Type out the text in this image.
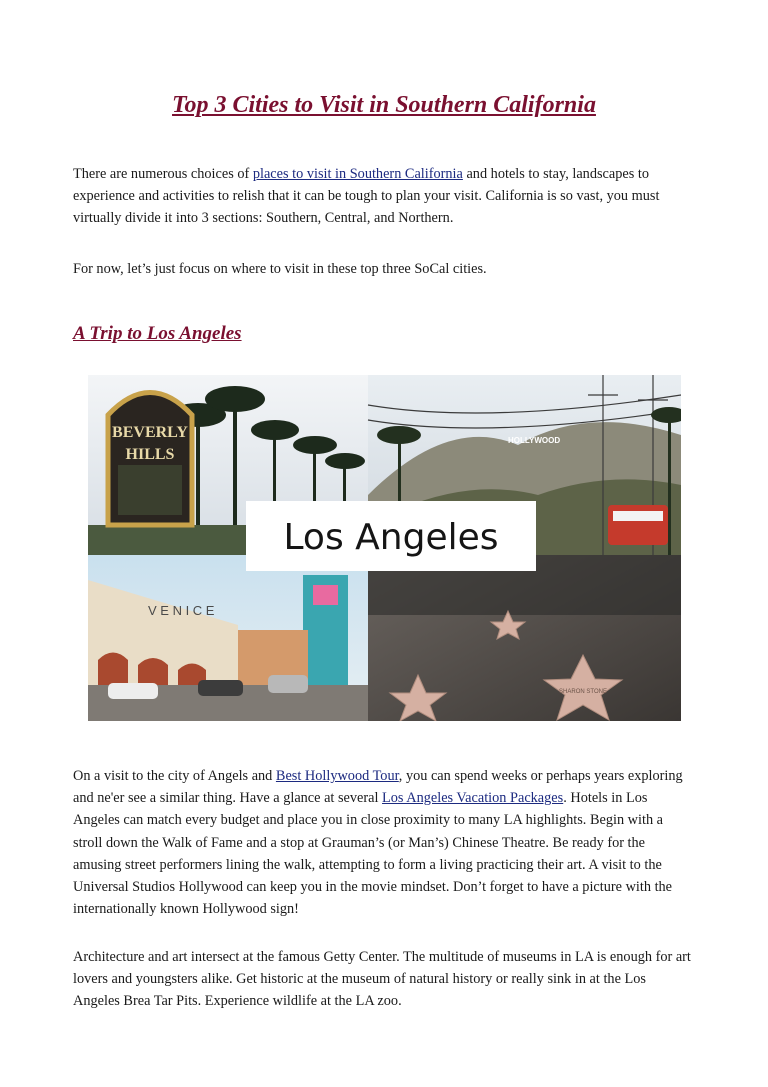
Top 3 Cities to Visit in Southern California

There are numerous choices of places to visit in Southern California and hotels to stay, landscapes to experience and activities to relish that it can be tough to plan your visit. California is so vast, you must virtually divide it into 3 sections: Southern, Central, and Northern.

For now, let’s just focus on where to visit in these top three SoCal cities.

A Trip to Los Angeles
BEVERLY
HILLS
HOLLYWOOD
V E N I C E
SHARON STONE
Los Angeles

On a visit to the city of Angels and Best Hollywood Tour, you can spend weeks or perhaps years exploring and ne'er see a similar thing. Have a glance at several Los Angeles Vacation Packages. Hotels in Los Angeles can match every budget and place you in close proximity to many LA highlights. Begin with a stroll down the Walk of Fame and a stop at Grauman’s (or Man’s) Chinese Theatre. Be ready for the amusing street performers lining the walk, attempting to form a living practicing their art. A visit to the Universal Studios Hollywood can keep you in the movie mindset. Don’t forget to have a picture with the internationally known Hollywood sign!

Architecture and art intersect at the famous Getty Center. The multitude of museums in LA is enough for art lovers and youngsters alike. Get historic at the museum of natural history or really sink in at the Los Angeles Brea Tar Pits. Experience wildlife at the LA zoo.
